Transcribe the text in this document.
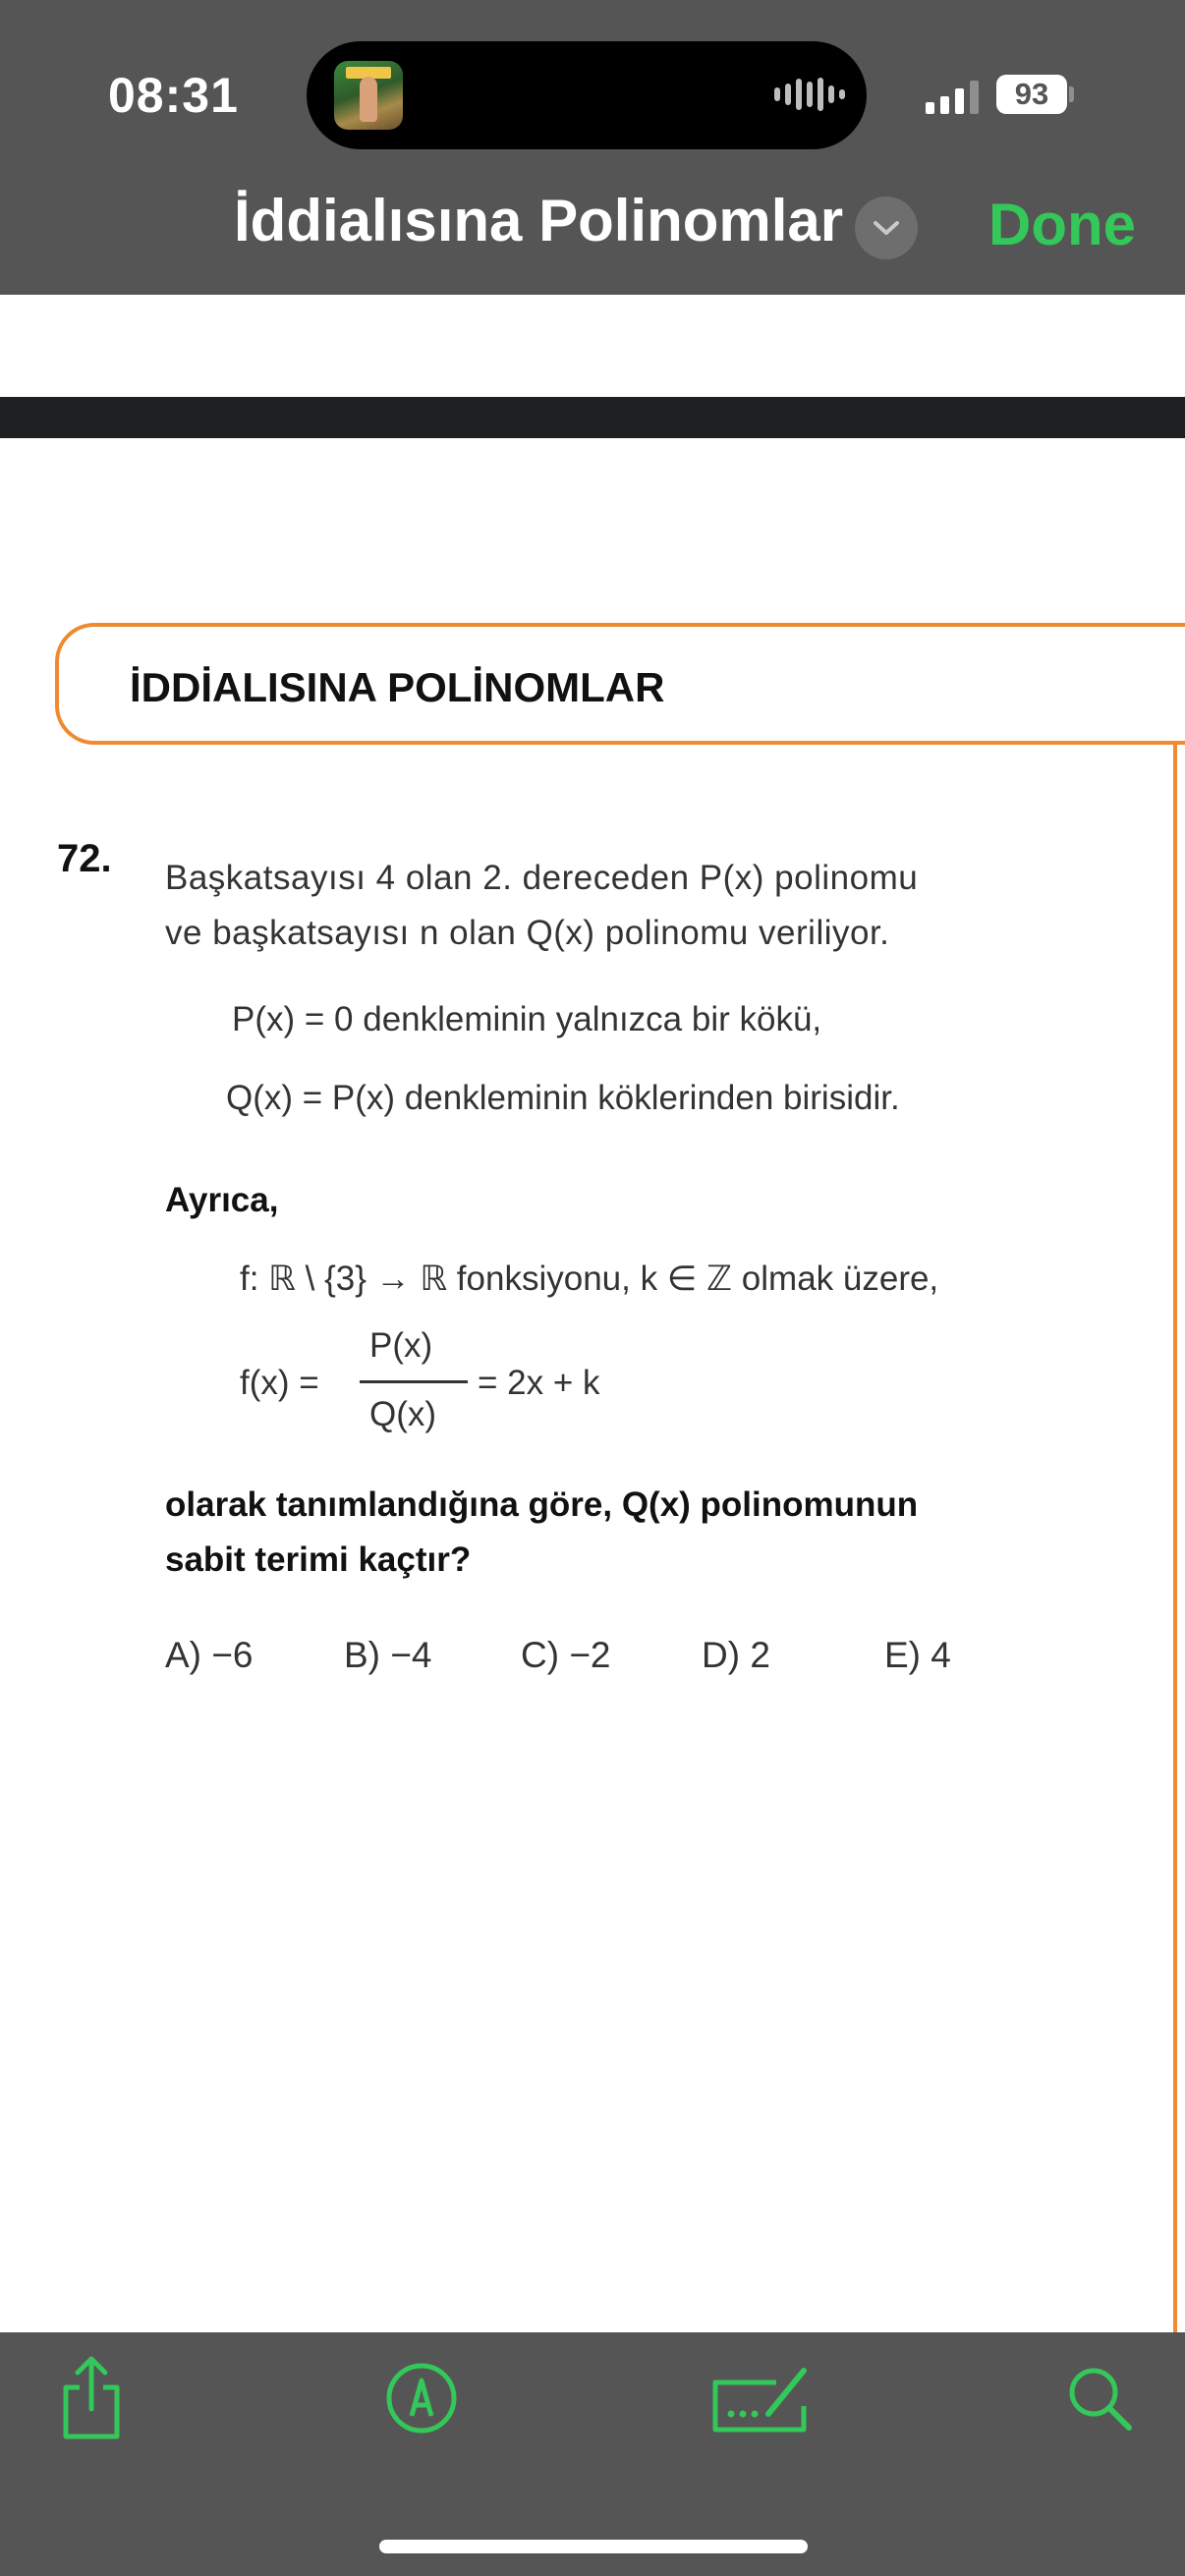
08:31	93
İddialısına Polinomlar Done
İDDİALISINA POLİNOMLAR
72. Başkatsayısı 4 olan 2. dereceden P(x) polinomu
ve başkatsayısı n olan Q(x) polinomu veriliyor.
P(x) = 0 denkleminin yalnızca bir kökü,
Q(x) = P(x) denkleminin köklerinden birisidir.
Ayrıca,
f: ℝ \ {3} → ℝ fonksiyonu, k ∈ ℤ olmak üzere,
f(x) =
P(x)
Q(x)
= 2x + k
olarak tanımlandığına göre, Q(x) polinomunun
sabit terimi kaçtır?
A) −6	B) −4 C) −2 D) 2	E) 4
